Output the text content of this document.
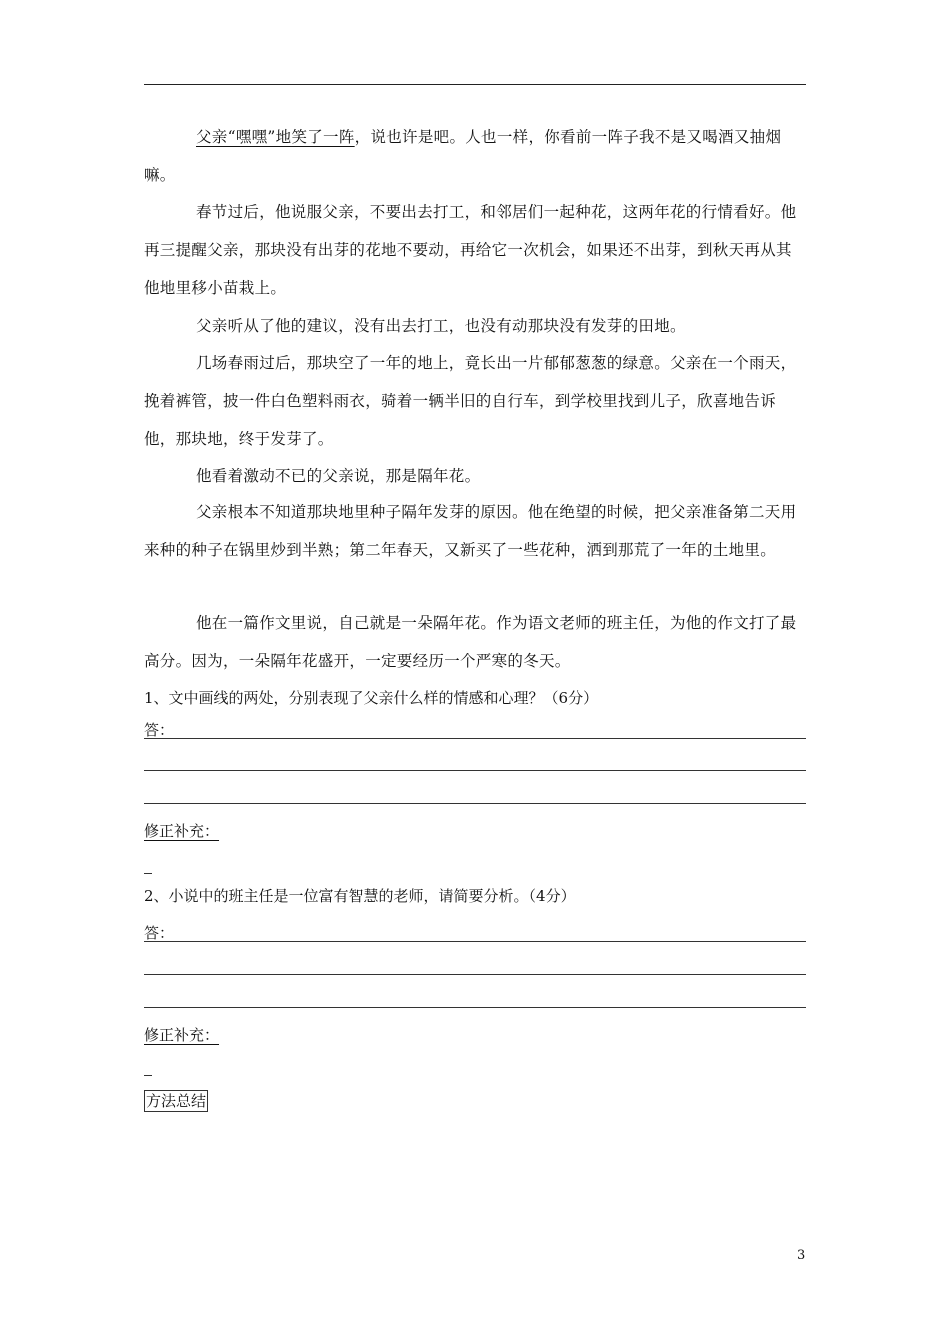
父亲“嘿嘿”地笑了一阵，说也许是吧。人也一样，你看前一阵子我不是又喝酒又抽烟嘛。
春节过后，他说服父亲，不要出去打工，和邻居们一起种花，这两年花的行情看好。他再三提醒父亲，那块没有出芽的花地不要动，再给它一次机会，如果还不出芽，到秋天再从其他地里移小苗栽上。
父亲听从了他的建议，没有出去打工，也没有动那块没有发芽的田地。
几场春雨过后，那块空了一年的地上，竟长出一片郁郁葱葱的绿意。父亲在一个雨天，挽着裤管，披一件白色塑料雨衣，骑着一辆半旧的自行车，到学校里找到儿子，欣喜地告诉他，那块地，终于发芽了。
他看着激动不已的父亲说，那是隔年花。
父亲根本不知道那块地里种子隔年发芽的原因。他在绝望的时候，把父亲准备第二天用来种的种子在锅里炒到半熟；第二年春天，又新买了一些花种，洒到那荒了一年的土地里。
他在一篇作文里说，自己就是一朵隔年花。作为语文老师的班主任，为他的作文打了最高分。因为，一朵隔年花盛开，一定要经历一个严寒的冬天。
1、文中画线的两处，分别表现了父亲什么样的情感和心理？（6分）
答：
修正补充：
2、小说中的班主任是一位富有智慧的老师，请简要分析。（4分）
答：
修正补充：
方法总结
3
